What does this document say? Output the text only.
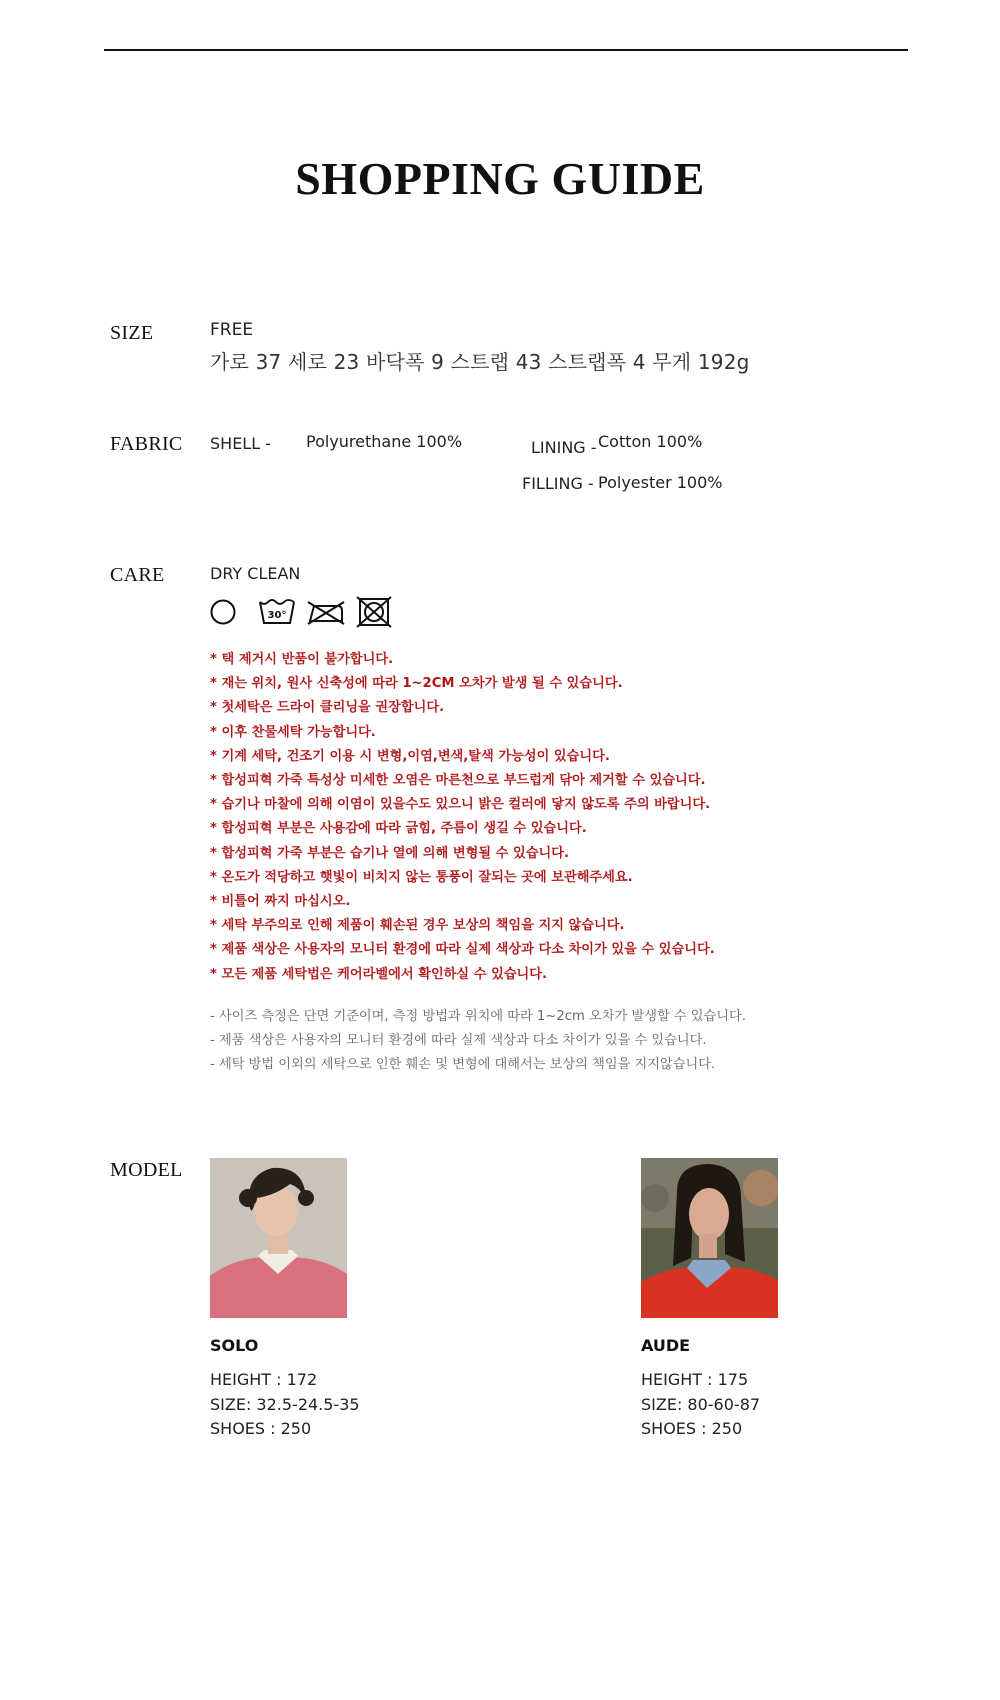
SHOPPING GUIDE
SIZE	FREE
가로 37 세로 23 바닥폭 9 스트랩 43 스트랩폭 4 무게 192g
FABRIC SHELL - Polyurethane 100%	LINING - Cotton 100%
FILLING - Polyester 100%
CARE	DRY CLEAN
30°
* 택 제거시 반품이 불가합니다.
* 재는 위치, 원사 신축성에 따라 1~2CM 오차가 발생 될 수 있습니다.
* 첫세탁은 드라이 클리닝을 권장합니다.
* 이후 찬물세탁 가능합니다.
* 기계 세탁, 건조기 이용 시 변형,이염,변색,탈색 가능성이 있습니다.
* 합성피혁 가죽 특성상 미세한 오염은 마른천으로 부드럽게 닦아 제거할 수 있습니다.
* 습기나 마찰에 의해 이염이 있을수도 있으니 밝은 컬러에 닿지 않도록 주의 바랍니다.
* 합성피혁 부분은 사용감에 따라 긁힘, 주름이 생길 수 있습니다.
* 합성피혁 가죽 부분은 습기나 열에 의해 변형될 수 있습니다.
* 온도가 적당하고 햇빛이 비치지 않는 통풍이 잘되는 곳에 보관해주세요.
* 비틀어 짜지 마십시오.
* 세탁 부주의로 인해 제품이 훼손된 경우 보상의 책임을 지지 않습니다.
* 제품 색상은 사용자의 모니터 환경에 따라 실제 색상과 다소 차이가 있을 수 있습니다.
* 모든 제품 세탁법은 케어라벨에서 확인하실 수 있습니다.
- 사이즈 측정은 단면 기준이며, 측정 방법과 위치에 따라 1~2cm 오차가 발생할 수 있습니다.
- 제품 색상은 사용자의 모니터 환경에 따라 실제 색상과 다소 차이가 있을 수 있습니다.
- 세탁 방법 이외의 세탁으로 인한 훼손 및 변형에 대해서는 보상의 책임을 지지않습니다.
MODEL
SOLO
HEIGHT : 172
SIZE: 32.5-24.5-35
SHOES : 250
AUDE
HEIGHT : 175
SIZE: 80-60-87
SHOES : 250
